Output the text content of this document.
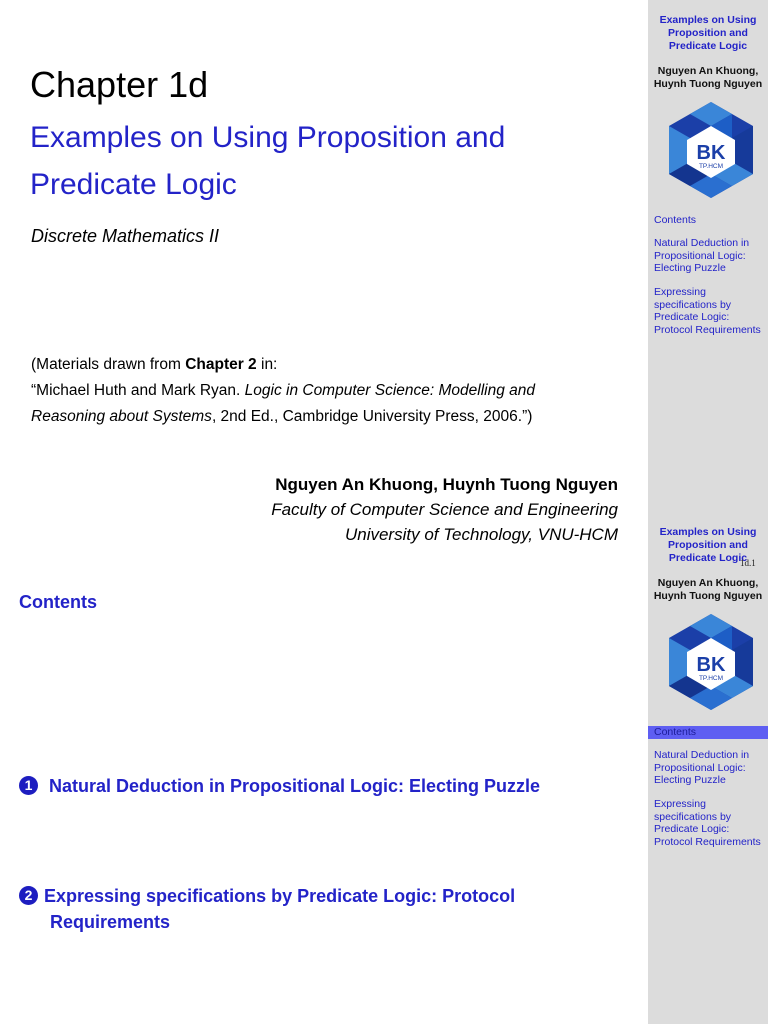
Chapter 1d
Examples on Using Proposition and
Predicate Logic
Discrete Mathematics II
(Materials drawn from Chapter 2 in:
“Michael Huth and Mark Ryan. Logic in Computer Science: Modelling and
Reasoning about Systems, 2nd Ed., Cambridge University Press, 2006.”)
Nguyen An Khuong, Huynh Tuong Nguyen
Faculty of Computer Science and Engineering
University of Technology, VNU-HCM
Examples on Using Proposition and Predicate Logic
Nguyen An Khuong, Huynh Tuong Nguyen
BK
TP.HCM
Contents
Natural Deduction in Propositional Logic: Electing Puzzle
Expressing specifications by Predicate Logic: Protocol Requirements
Contents
1 Natural Deduction in Propositional Logic: Electing Puzzle
2 Expressing specifications by Predicate Logic: Protocol
Requirements
Examples on Using Proposition and Predicate Logic
Nguyen An Khuong, Huynh Tuong Nguyen
BK
TP.HCM
Contents
Natural Deduction in Propositional Logic: Electing Puzzle
Expressing specifications by Predicate Logic: Protocol Requirements
1d.1
